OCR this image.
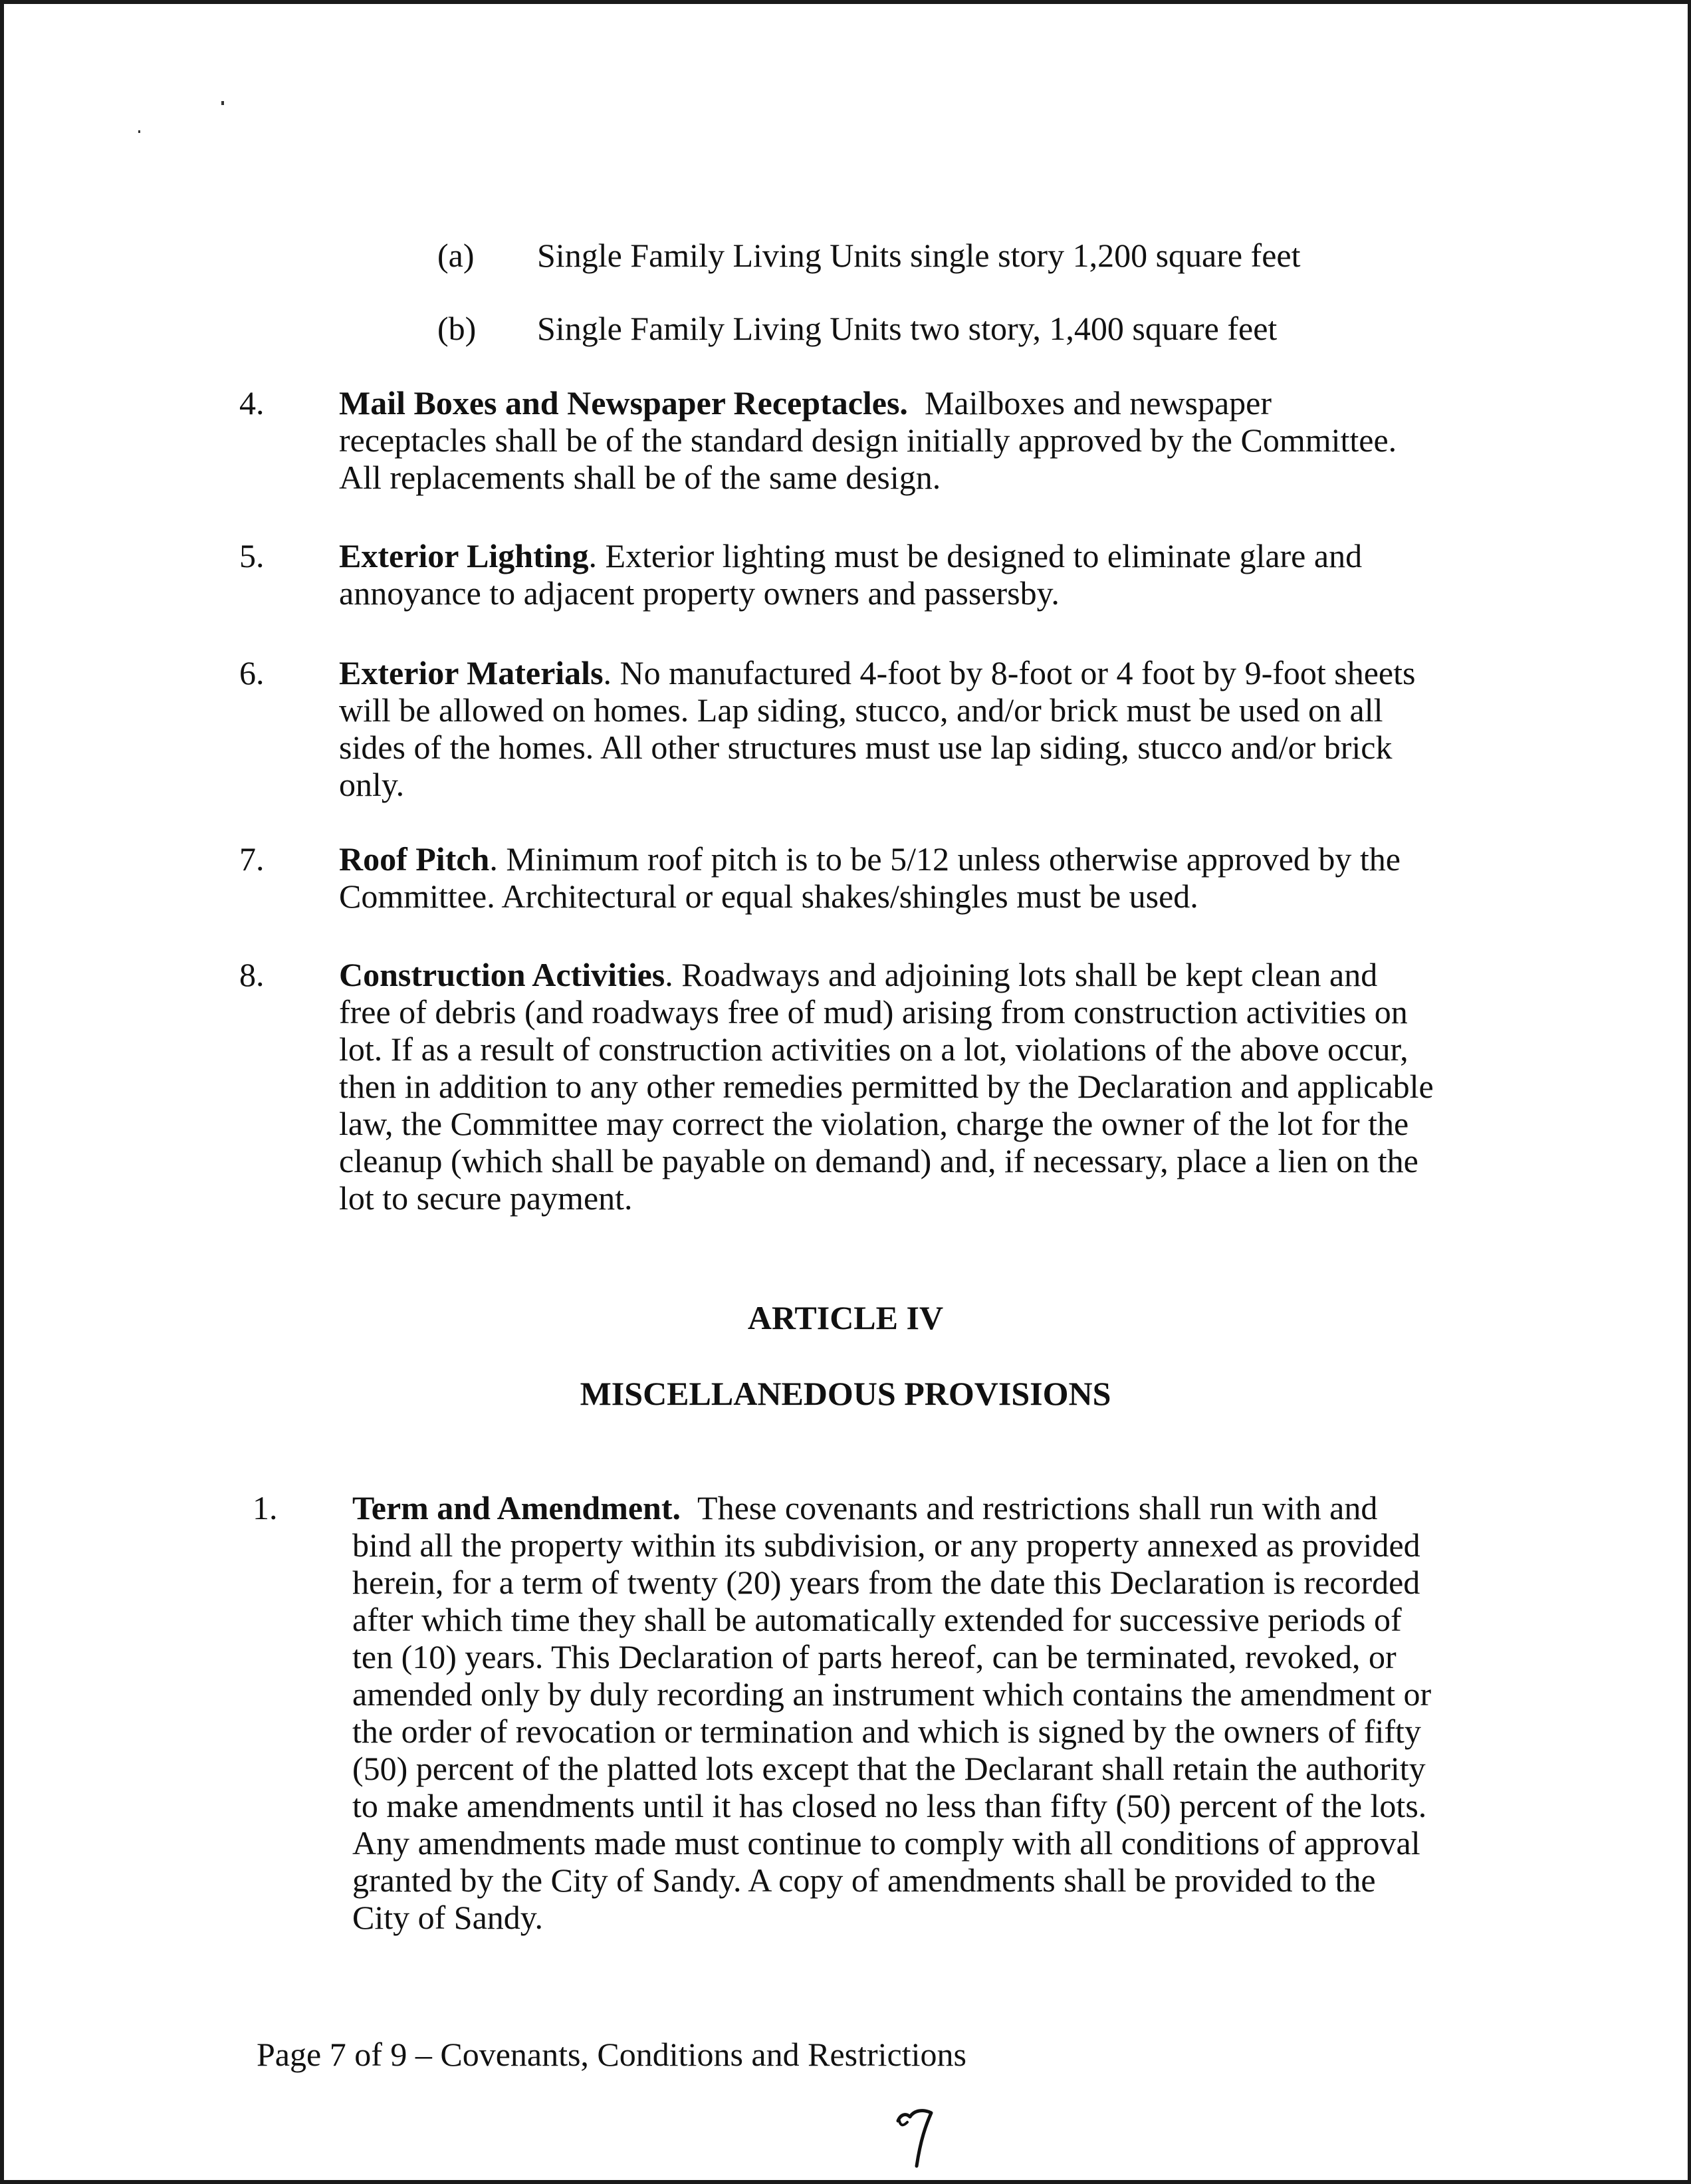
(a)	Single Family Living Units single story 1,200 square feet
(b)	Single Family Living Units two story, 1,400 square feet
4. Mail Boxes and Newspaper Receptacles. Mailboxes and newspaper

receptacles shall be of the standard design initially approved by the Committee.

All replacements shall be of the same design.

5. Exterior Lighting. Exterior lighting must be designed to eliminate glare and

annoyance to adjacent property owners and passersby.

6. Exterior Materials. No manufactured 4-foot by 8-foot or 4 foot by 9-foot sheets

will be allowed on homes. Lap siding, stucco, and/or brick must be used on all

sides of the homes. All other structures must use lap siding, stucco and/or brick

only.

7. Roof Pitch. Minimum roof pitch is to be 5/12 unless otherwise approved by the

Committee. Architectural or equal shakes/shingles must be used.

8. Construction Activities. Roadways and adjoining lots shall be kept clean and

free of debris (and roadways free of mud) arising from construction activities on

lot. If as a result of construction activities on a lot, violations of the above occur,

then in addition to any other remedies permitted by the Declaration and applicable

law, the Committee may correct the violation, charge the owner of the lot for the

cleanup (which shall be payable on demand) and, if necessary, place a lien on the

lot to secure payment.

ARTICLE IV
MISCELLANEDOUS PROVISIONS
1. Term and Amendment. These covenants and restrictions shall run with and

bind all the property within its subdivision, or any property annexed as provided

herein, for a term of twenty (20) years from the date this Declaration is recorded

after which time they shall be automatically extended for successive periods of

ten (10) years. This Declaration of parts hereof, can be terminated, revoked, or

amended only by duly recording an instrument which contains the amendment or

the order of revocation or termination and which is signed by the owners of fifty

(50) percent of the platted lots except that the Declarant shall retain the authority

to make amendments until it has closed no less than fifty (50) percent of the lots.

Any amendments made must continue to comply with all conditions of approval

granted by the City of Sandy. A copy of amendments shall be provided to the

City of Sandy.

Page 7 of 9 – Covenants, Conditions and Restrictions
